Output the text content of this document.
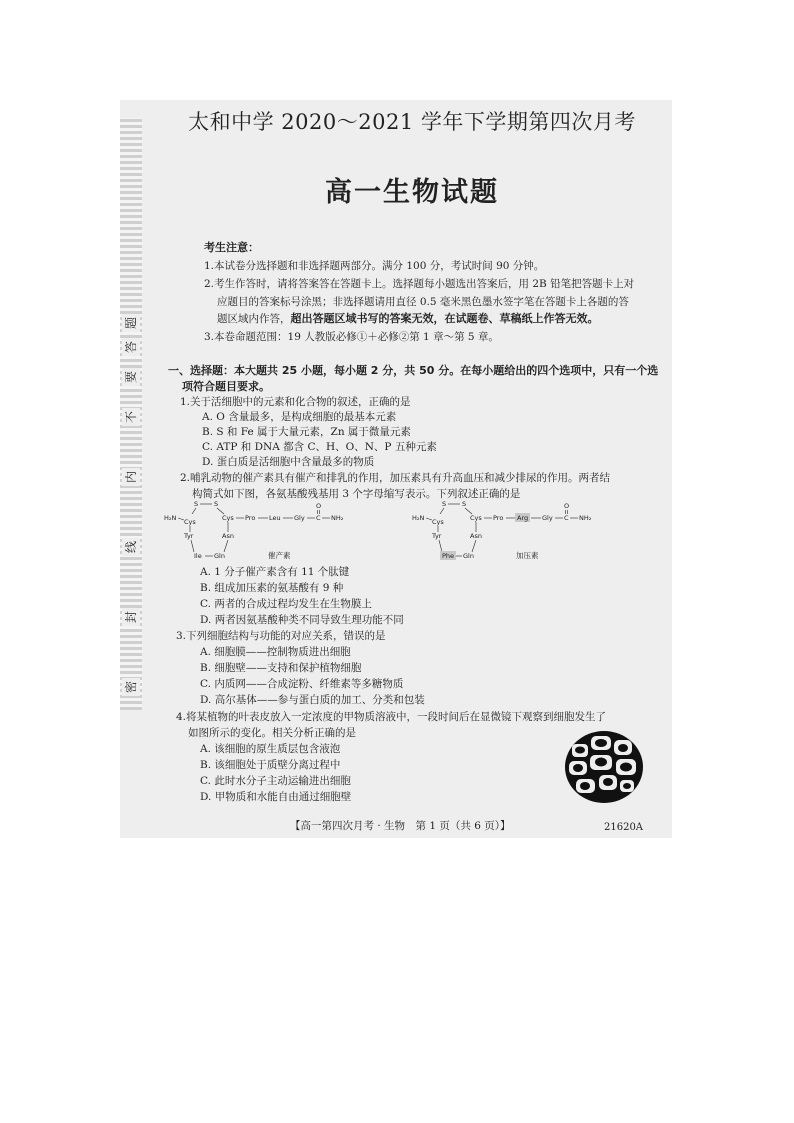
密
封
线
内
不
要
答
题
太和中学 2020～2021 学年下学期第四次月考
高一生物试题
考生注意：
1.本试卷分选择题和非选择题两部分。满分 100 分，考试时间 90 分钟。
2.考生作答时，请将答案答在答题卡上。选择题每小题选出答案后，用 2B 铅笔把答题卡上对
应题目的答案标号涂黑；非选择题请用直径 0.5 毫米黑色墨水签字笔在答题卡上各题的答
题区域内作答，超出答题区域书写的答案无效，在试题卷、草稿纸上作答无效。
3.本卷命题范围：19 人教版必修①＋必修②第 1 章～第 5 章。
一、选择题：本大题共 25 小题，每小题 2 分，共 50 分。在每小题给出的四个选项中，只有一个选
项符合题目要求。
1.关于活细胞中的元素和化合物的叙述，正确的是
A. O 含量最多，是构成细胞的最基本元素
B. S 和 Fe 属于大量元素，Zn 属于微量元素
C. ATP 和 DNA 都含 C、H、O、N、P 五种元素
D. 蛋白质是活细胞中含量最多的物质
2.哺乳动物的催产素具有催产和排乳的作用，加压素具有升高血压和减少排尿的作用。两者结
构简式如下图，各氨基酸残基用 3 个字母缩写表示。下列叙述正确的是
S S
H₂N Cys	Cys Pro Leu Gly C
O
NH₂
Tyr	Asn
Ile Gln	催产素
S S
H₂N Cys	Cys Pro Arg Gly C
O
NH₂
Tyr	Asn
Phe Gln	加压素
A. 1 分子催产素含有 11 个肽键
B. 组成加压素的氨基酸有 9 种
C. 两者的合成过程均发生在生物膜上
D. 两者因氨基酸种类不同导致生理功能不同
3.下列细胞结构与功能的对应关系，错误的是
A. 细胞膜——控制物质进出细胞
B. 细胞壁——支持和保护植物细胞
C. 内质网——合成淀粉、纤维素等多糖物质
D. 高尔基体——参与蛋白质的加工、分类和包装
4.将某植物的叶表皮放入一定浓度的甲物质溶液中，一段时间后在显微镜下观察到细胞发生了
如图所示的变化。相关分析正确的是
A. 该细胞的原生质层包含液泡
B. 该细胞处于质壁分离过程中
C. 此时水分子主动运输进出细胞
D. 甲物质和水能自由通过细胞壁
【高一第四次月考 · 生物　第 1 页（共 6 页）】	21620A
